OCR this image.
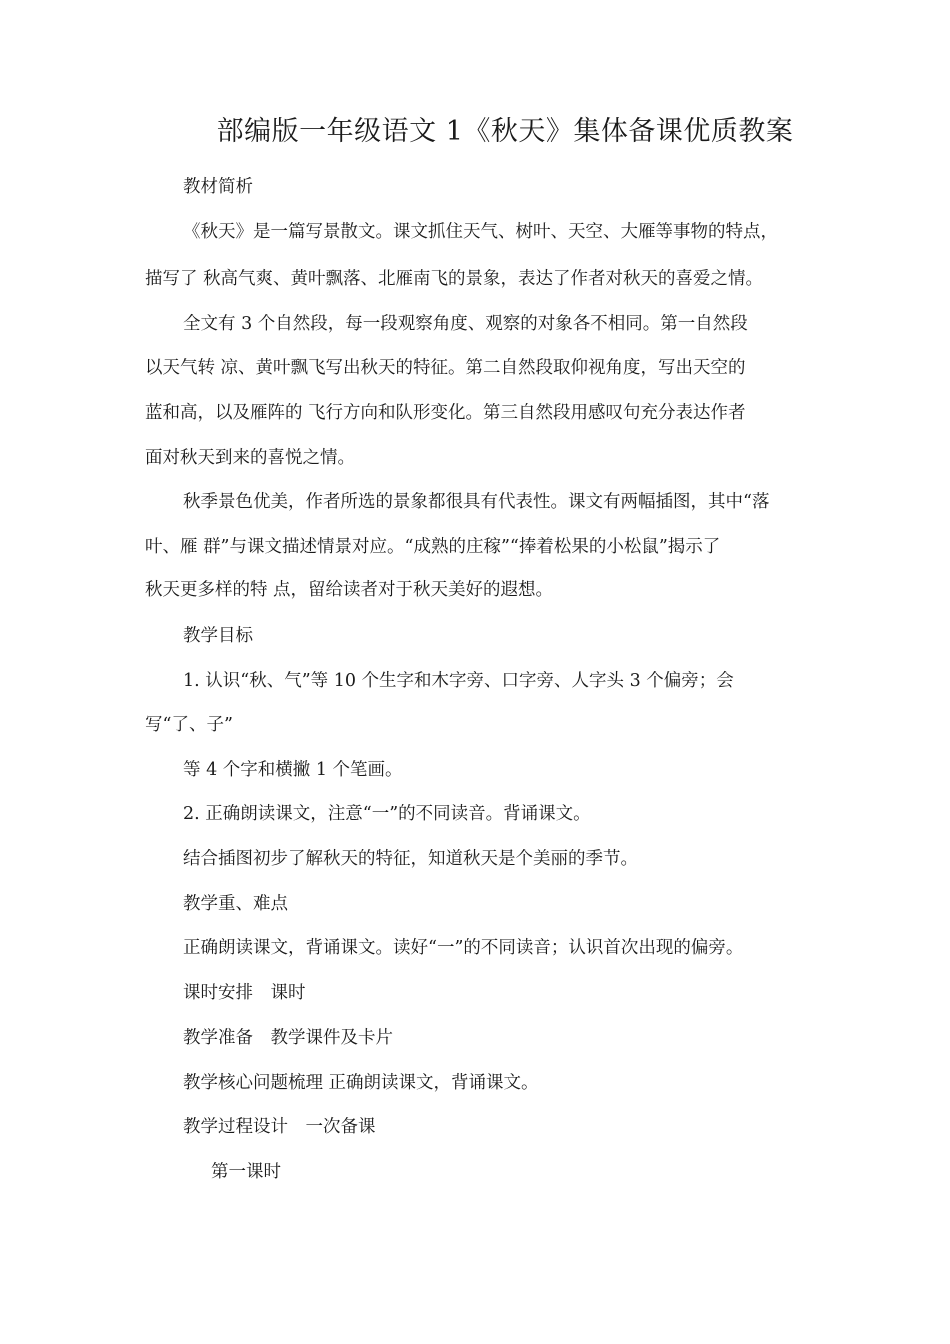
部编版一年级语文 1《秋天》集体备课优质教案
教材简析
《秋天》是一篇写景散文。课文抓住天气、树叶、天空、大雁等事物的特点，
描写了 秋高气爽、黄叶飘落、北雁南飞的景象，表达了作者对秋天的喜爱之情。
全文有 3 个自然段，每一段观察角度、观察的对象各不相同。第一自然段
以天气转 凉、黄叶飘飞写出秋天的特征。第二自然段取仰视角度，写出天空的
蓝和高，以及雁阵的 飞行方向和队形变化。第三自然段用感叹句充分表达作者
面对秋天到来的喜悦之情。
秋季景色优美，作者所选的景象都很具有代表性。课文有两幅插图，其中“落
叶、雁 群”与课文描述情景对应。“成熟的庄稼”“捧着松果的小松鼠”揭示了
秋天更多样的特 点，留给读者对于秋天美好的遐想。
教学目标
1. 认识“秋、气”等 10 个生字和木字旁、口字旁、人字头 3 个偏旁；会
写“了、子”
等 4 个字和横撇 1 个笔画。
2. 正确朗读课文，注意“一”的不同读音。背诵课文。
结合插图初步了解秋天的特征，知道秋天是个美丽的季节。
教学重、难点
正确朗读课文，背诵课文。读好“一”的不同读音；认识首次出现的偏旁。
课时安排　课时
教学准备　教学课件及卡片
教学核心问题梳理 正确朗读课文，背诵课文。
教学过程设计　一次备课
第一课时
